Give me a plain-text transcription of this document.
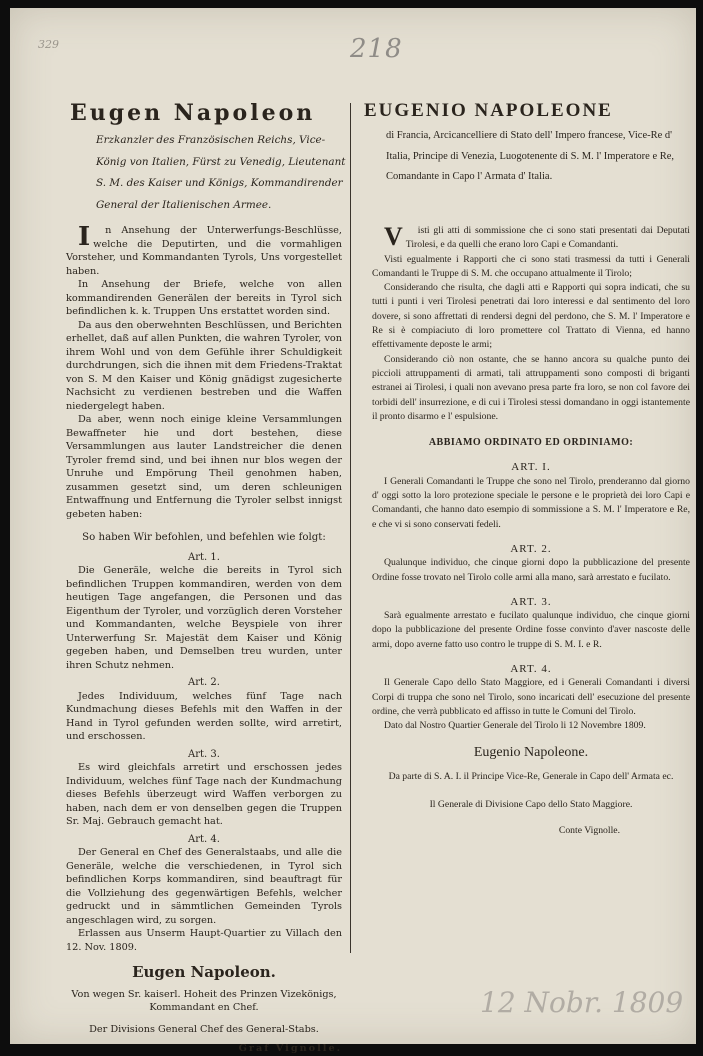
329	218
12 Nobr. 1809
Eugen Napoleon
Erzkanzler des Französischen Reichs, Vice-König von Italien, Fürst zu Venedig, Lieutenant S. M. des Kaiser und Königs, Kommandirender General der Italienischen Armee.

I n Ansehung der Unterwerfungs-Beschlüsse, welche die Deputirten, und die vormahligen Vorsteher, und Kommandanten Tyrols, Uns vorgestellet haben.

In Ansehung der Briefe, welche von allen kommandirenden Generälen der bereits in Tyrol sich befindlichen k. k. Truppen Uns erstattet worden sind.

Da aus den oberwehnten Beschlüssen, und Berichten erhellet, daß auf allen Punkten, die wahren Tyroler, von ihrem Wohl und von dem Gefühle ihrer Schuldigkeit durchdrungen, sich die ihnen mit dem Friedens-Traktat von S. M den Kaiser und König gnädigst zugesicherte Nachsicht zu verdienen bestreben und die Waffen niedergelegt haben.

Da aber, wenn noch einige kleine Versammlungen Bewaffneter hie und dort bestehen, diese Versammlungen aus lauter Landstreicher die denen Tyroler fremd sind, und bei ihnen nur blos wegen der Unruhe und Empörung Theil genohmen haben, zusammen gesetzt sind, um deren schleunigen Entwaffnung und Entfernung die Tyroler selbst innigst gebeten haben:

So haben Wir befohlen, und befehlen wie folgt:

Art. 1.

Die Generäle, welche die bereits in Tyrol sich befindlichen Truppen kommandiren, werden von dem heutigen Tage angefangen, die Personen und das Eigenthum der Tyroler, und vorzüglich deren Vorsteher und Kommandanten, welche Beyspiele von ihrer Unterwerfung Sr. Majestät dem Kaiser und König gegeben haben, und Demselben treu wurden, unter ihren Schutz nehmen.

Art. 2.

Jedes Individuum, welches fünf Tage nach Kundmachung dieses Befehls mit den Waffen in der Hand in Tyrol gefunden werden sollte, wird arretirt, und erschossen.

Art. 3.

Es wird gleichfals arretirt und erschossen jedes Individuum, welches fünf Tage nach der Kundmachung dieses Befehls überzeugt wird Waffen verborgen zu haben, nach dem er von denselben gegen die Truppen Sr. Maj. Gebrauch gemacht hat.

Art. 4.

Der General en Chef des Generalstaabs, und alle die Generäle, welche die verschiedenen, in Tyrol sich befindlichen Korps kommandiren, sind beauftragt für die Vollziehung des gegenwärtigen Befehls, welcher gedruckt und in sämmtlichen Gemeinden Tyrols angeschlagen wird, zu sorgen.

Erlassen aus Unserm Haupt-Quartier zu Villach den 12. Nov. 1809.

Eugen Napoleon.

Von wegen Sr. kaiserl. Hoheit des Prinzen Vizekönigs, Kommandant en Chef.

Der Divisions General Chef des General-Stabs.

Graf Vignolle.

EUGENIO NAPOLEONE
di Francia, Arcicancelliere di Stato dell' Impero francese, Vice-Re d' Italia, Principe di Venezia, Luogotenente di S. M. l' Imperatore e Re, Comandante in Capo l' Armata d' Italia.

V isti gli atti di sommissione che ci sono stati presentati dai Deputati Tirolesi, e da quelli che erano loro Capi e Comandanti.

Visti egualmente i Rapporti che ci sono stati trasmessi da tutti i Generali Comandanti le Truppe di S. M. che occupano attualmente il Tirolo;

Considerando che risulta, che dagli atti e Rapporti qui sopra indicati, che su tutti i punti i veri Tirolesi penetrati dai loro interessi e dal sentimento del loro dovere, si sono affrettati di rendersi degni del perdono, che S. M. l' Imperatore e Re si è compiaciuto di loro promettere col Trattato di Vienna, ed hanno effettivamente deposte le armi;

Considerando ciò non ostante, che se hanno ancora su qualche punto dei piccioli attruppamenti di armati, tali attruppamenti sono composti di briganti estranei ai Tirolesi, i quali non avevano presa parte fra loro, se non col favore dei torbidi dell' insurrezione, e di cui i Tirolesi stessi domandano in oggi istantemente il pronto disarmo e l' espulsione.

ABBIAMO ORDINATO ED ORDINIAMO:

ART. I.

I Generali Comandanti le Truppe che sono nel Tirolo, prenderanno dal giorno d' oggi sotto la loro protezione speciale le persone e le proprietà dei loro Capi e Comandanti, che hanno dato esempio di sommissione a S. M. l' Imperatore e Re, e che vi si sono conservati fedeli.

ART. 2.

Qualunque individuo, che cinque giorni dopo la pubblicazione del presente Ordine fosse trovato nel Tirolo colle armi alla mano, sarà arrestato e fucilato.

ART. 3.

Sarà egualmente arrestato e fucilato qualunque individuo, che cinque giorni dopo la pubblicazione del presente Ordine fosse convinto d'aver nascoste delle armi, dopo averne fatto uso contro le truppe di S. M. I. e R.

ART. 4.

Il Generale Capo dello Stato Maggiore, ed i Generali Comandanti i diversi Corpi di truppa che sono nel Tirolo, sono incaricati dell' esecuzione del presente ordine, che verrà pubblicato ed affisso in tutte le Comuni del Tirolo.

Dato dal Nostro Quartier Generale del Tirolo li 12 Novembre 1809.

Eugenio Napoleone.

Da parte di S. A. I. il Principe Vice-Re, Generale in Capo dell' Armata ec.

Il Generale di Divisione Capo dello Stato Maggiore.

Conte Vignolle.
